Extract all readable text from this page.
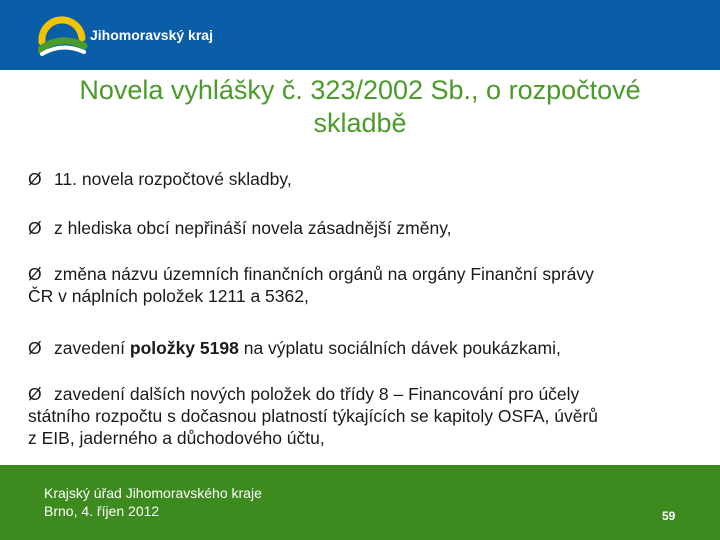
Jihomoravský kraj
Novela vyhlášky č. 323/2002 Sb., o rozpočtové
skladbě
Ø 11. novela rozpočtové skladby,
Ø z hlediska obcí nepřináší novela zásadnější změny,
Ø změna názvu územních finančních orgánů na orgány Finanční správy
ČR v náplních položek 1211 a 5362,
Ø zavedení položky 5198 na výplatu sociálních dávek poukázkami,
Ø zavedení dalších nových položek do třídy 8 – Financování pro účely
státního rozpočtu s dočasnou platností týkajících se kapitoly OSFA, úvěrů
z EIB, jaderného a důchodového účtu,
Krajský úřad Jihomoravského kraje
Brno, 4. říjen 2012	59
